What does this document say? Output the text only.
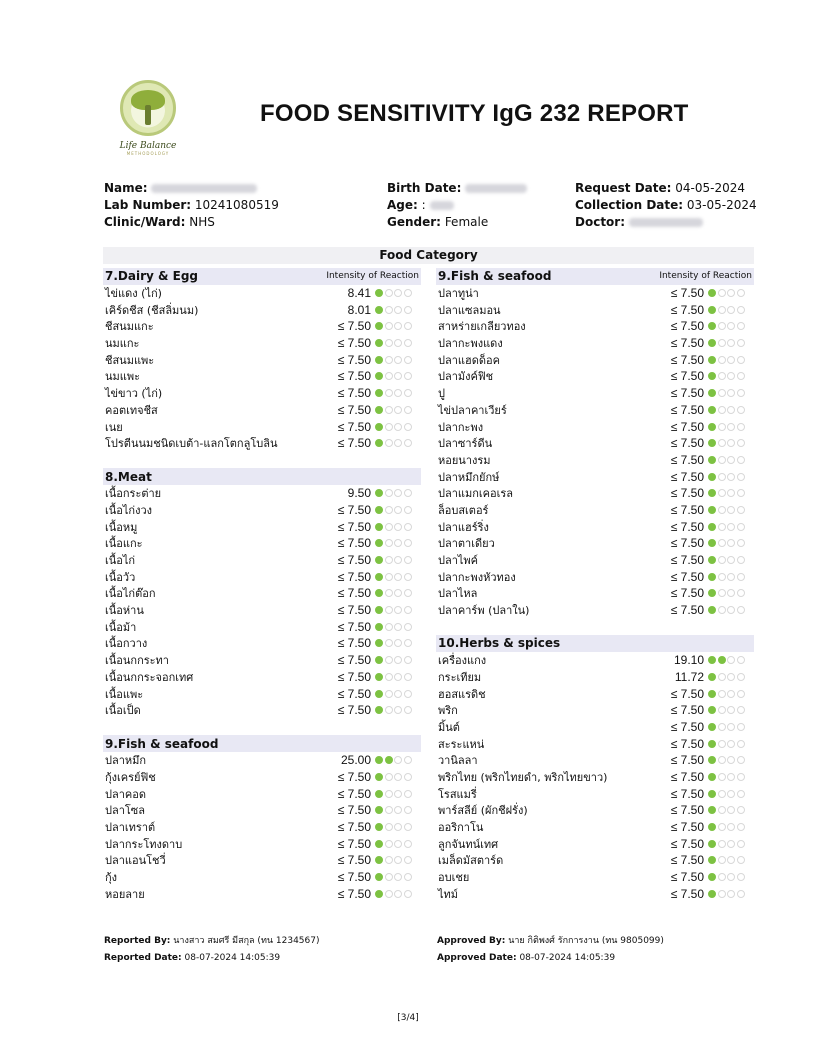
Life Balance
METHODOLOGY
FOOD SENSITIVITY IgG 232 REPORT
Name:
Lab Number: 10241080519
Clinic/Ward: NHS
Birth Date:
Age: :
Gender: Female
Request Date: 04-05-2024
Collection Date: 03-05-2024
Doctor:
Food Category
7.Dairy & Egg	Intensity of Reaction
ไข่แดง (ไก่)	8.41
เคิร์ดชีส (ชีสลิ่มนม)	8.01
ชีสนมแกะ	≤ 7.50
นมแกะ	≤ 7.50
ชีสนมแพะ	≤ 7.50
นมแพะ	≤ 7.50
ไข่ขาว (ไก่)	≤ 7.50
คอตเทจชีส	≤ 7.50
เนย	≤ 7.50
โปรตีนนมชนิดเบต้า-แลกโตกลูโบลิน	≤ 7.50
8.Meat
เนื้อกระต่าย	9.50
เนื้อไก่งวง	≤ 7.50
เนื้อหมู	≤ 7.50
เนื้อแกะ	≤ 7.50
เนื้อไก่	≤ 7.50
เนื้อวัว	≤ 7.50
เนื้อไก่ต๊อก	≤ 7.50
เนื้อห่าน	≤ 7.50
เนื้อม้า	≤ 7.50
เนื้อกวาง	≤ 7.50
เนื้อนกกระทา	≤ 7.50
เนื้อนกกระจอกเทศ	≤ 7.50
เนื้อแพะ	≤ 7.50
เนื้อเป็ด	≤ 7.50
9.Fish & seafood
ปลาหมึก	25.00
กุ้งเครย์ฟิช	≤ 7.50
ปลาคอด	≤ 7.50
ปลาโซล	≤ 7.50
ปลาเทราต์	≤ 7.50
ปลากระโทงดาบ	≤ 7.50
ปลาแอนโชวี่	≤ 7.50
กุ้ง	≤ 7.50
หอยลาย	≤ 7.50
9.Fish & seafood	Intensity of Reaction
ปลาทูน่า	≤ 7.50
ปลาแซลมอน	≤ 7.50
สาหร่ายเกลียวทอง	≤ 7.50
ปลากะพงแดง	≤ 7.50
ปลาแฮดด็อค	≤ 7.50
ปลามังค์ฟิช	≤ 7.50
ปู	≤ 7.50
ไข่ปลาคาเวียร์	≤ 7.50
ปลากะพง	≤ 7.50
ปลาซาร์ดีน	≤ 7.50
หอยนางรม	≤ 7.50
ปลาหมึกยักษ์	≤ 7.50
ปลาแมกเคอเรล	≤ 7.50
ล็อบสเตอร์	≤ 7.50
ปลาแฮร์ริ่ง	≤ 7.50
ปลาตาเดียว	≤ 7.50
ปลาไพค์	≤ 7.50
ปลากะพงหัวทอง	≤ 7.50
ปลาไหล	≤ 7.50
ปลาคาร์พ (ปลาใน)	≤ 7.50
10.Herbs & spices
เครื่องแกง	19.10
กระเทียม	11.72
ฮอสแรดิช	≤ 7.50
พริก	≤ 7.50
มิ้นต์	≤ 7.50
สะระแหน่	≤ 7.50
วานิลลา	≤ 7.50
พริกไทย (พริกไทยดำ, พริกไทยขาว)	≤ 7.50
โรสแมรี่	≤ 7.50
พาร์สลีย์ (ผักชีฝรั่ง)	≤ 7.50
ออริกาโน	≤ 7.50
ลูกจันทน์เทศ	≤ 7.50
เมล็ดมัสตาร์ด	≤ 7.50
อบเชย	≤ 7.50
ไทม์	≤ 7.50
Reported By: นางสาว สมศรี มีสกุล (ทน 1234567)
Reported Date: 08-07-2024 14:05:39
Approved By: นาย กิติพงศ์ รักการงาน (ทน 9805099)
Approved Date: 08-07-2024 14:05:39
[3/4]
